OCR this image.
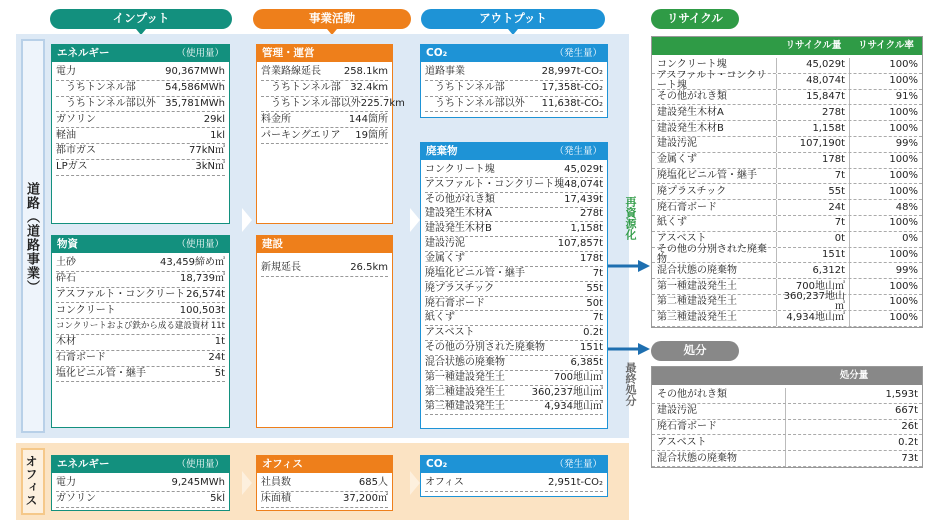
インプット	事業活動	アウトプット	リサイクル
処分
道路（道路事業）
オフィス
エネルギー	（使用量）
電力	90,367MWh
うちトンネル部	54,586MWh
うちトンネル部以外 35,781MWh
ガソリン	29kl
軽油	1kl
都市ガス	77kN㎥
LPガス	3kN㎥
物資	（使用量）
土砂	43,459締め㎥
砕石	18,739㎥
アスファルト・コンクリート 26,574t
コンクリート	100,503t
コンクリートおよび鉄から成る建設資材 11t
木材	1t
石膏ボード	24t
塩化ビニル管・継手	5t
管理・運営
営業路線延長 258.1km
うちトンネル部 32.4km
うちトンネル部以外 225.7km
料金所	144箇所
パーキングエリア 19箇所
建設
新規延長	26.5km
CO₂	（発生量）
道路事業	28,997t-CO₂
うちトンネル部	17,358t-CO₂
うちトンネル部以外 11,638t-CO₂
廃棄物	（発生量）
コンクリート塊	45,029t
アスファルト・コンクリート塊 48,074t
その他がれき類	17,439t
建設発生木材A	278t
建設発生木材B	1,158t
建設汚泥	107,857t
金属くず	178t
廃塩化ビニル管・継手	7t
廃プラスチック	55t
廃石膏ボード	50t
紙くず	7t
アスベスト	0.2t
その他の分別された廃棄物	151t
混合状態の廃棄物	6,385t
第一種建設発生土	700地山㎥
第二種建設発生土	360,237地山㎥
第三種建設発生土	4,934地山㎥
エネルギー	（使用量）
電力	9,245MWh
ガソリン	5kl
オフィス
社員数	685人
床面積	37,200㎡
CO₂	（発生量）
オフィス	2,951t-CO₂
再資源化
最終処分
リサイクル量	リサイクル率
コンクリート塊	45,029t	100%
アスファルト・コンクリート塊	48,074t	100%
その他がれき類	15,847t	91%
建設発生木材A	278t	100%
建設発生木材B	1,158t	100%
建設汚泥	107,190t	99%
金属くず	178t	100%
廃塩化ビニル管・継手	7t	100%
廃プラスチック	55t	100%
廃石膏ボード	24t	48%
紙くず	7t	100%
アスベスト	0t	0%
その他の分別された廃棄物	151t	100%
混合状態の廃棄物	6,312t	99%
第一種建設発生土	700地山㎥	100%
第二種建設発生土	360,237地山㎥	100%
第三種建設発生土	4,934地山㎥	100%
処分量
その他がれき類	1,593t
建設汚泥	667t
廃石膏ボード	26t
アスベスト	0.2t
混合状態の廃棄物	73t
